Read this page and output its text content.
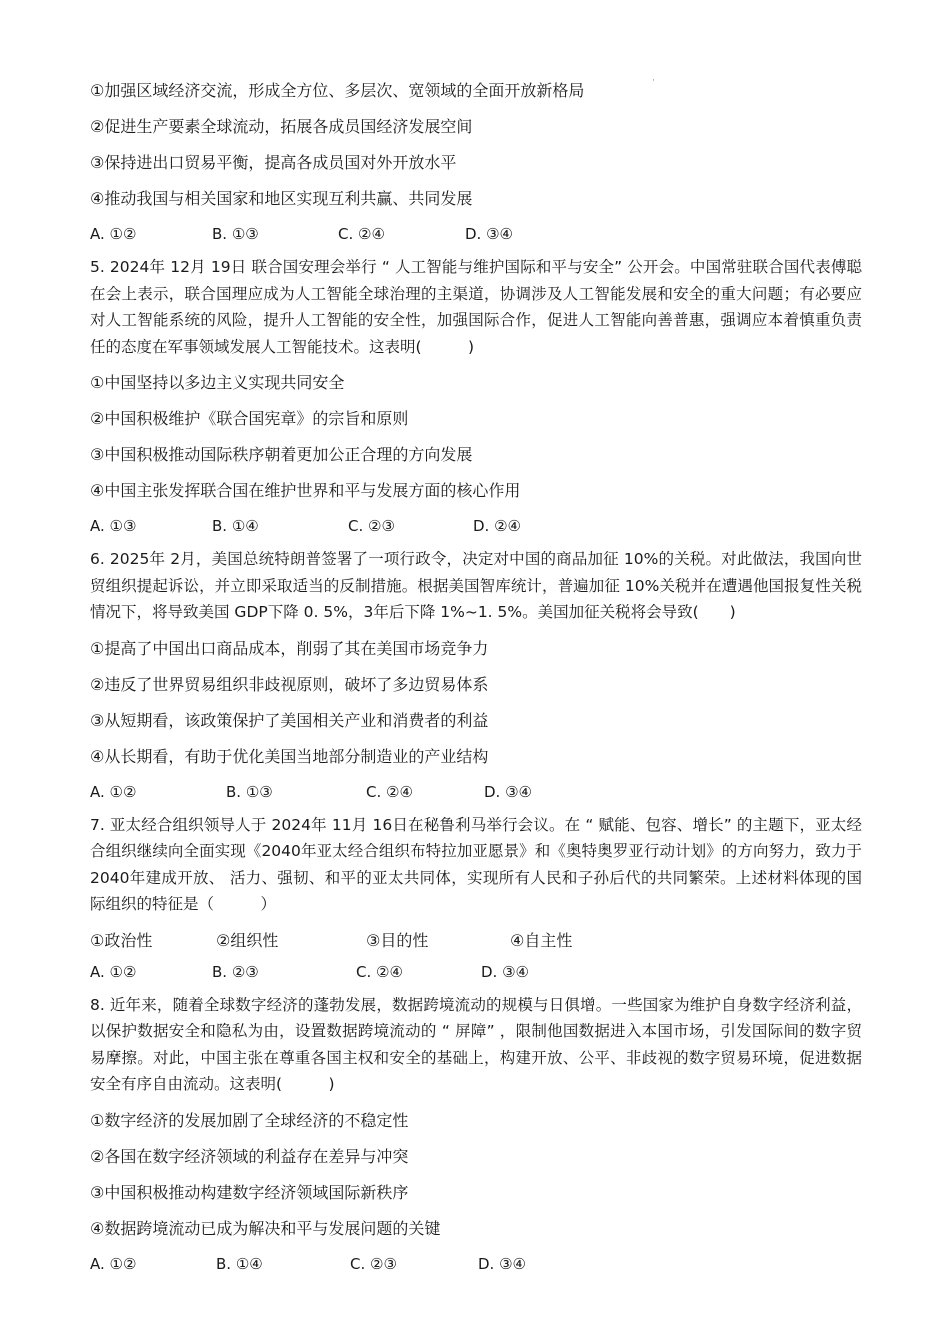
①加强区域经济交流，形成全方位、多层次、宽领域的全面开放新格局
②促进生产要素全球流动，拓展各成员国经济发展空间
③保持进出口贸易平衡，提高各成员国对外开放水平
④推动我国与相关国家和地区实现互利共赢、共同发展
A. ①②	B. ①③	C. ②④	D. ③④
5. 2024年 12月 19日 联合国安理会举行 “ 人工智能与维护国际和平与安全” 公开会。中国常驻联合国代表傅聪在会上表示，联合国理应成为人工智能全球治理的主渠道，协调涉及人工智能发展和安全的重大问题；有必要应对人工智能系统的风险，提升人工智能的安全性，加强国际合作，促进人工智能向善普惠，强调应本着慎重负责任的态度在军事领域发展人工智能技术。这表明(　　　)
①中国坚持以多边主义实现共同安全
②中国积极维护《联合国宪章》的宗旨和原则
③中国积极推动国际秩序朝着更加公正合理的方向发展
④中国主张发挥联合国在维护世界和平与发展方面的核心作用
A. ①③	B. ①④	C. ②③	D. ②④
6. 2025年 2月，美国总统特朗普签署了一项行政令，决定对中国的商品加征 10%的关税。对此做法，我国向世贸组织提起诉讼，并立即采取适当的反制措施。根据美国智库统计，普遍加征 10%关税并在遭遇他国报复性关税情况下，将导致美国 GDP下降 0. 5%，3年后下降 1%~1. 5%。美国加征关税将会导致(　　)
①提高了中国出口商品成本，削弱了其在美国市场竞争力
②违反了世界贸易组织非歧视原则，破坏了多边贸易体系
③从短期看，该政策保护了美国相关产业和消费者的利益
④从长期看，有助于优化美国当地部分制造业的产业结构
A. ①②	B. ①③	C. ②④	D. ③④
7. 亚太经合组织领导人于 2024年 11月 16日在秘鲁利马举行会议。在 “ 赋能、包容、增长” 的主题下，亚太经合组织继续向全面实现《2040年亚太经合组织布特拉加亚愿景》和《奥特奥罗亚行动计划》的方向努力，致力于 2040年建成开放、 活力、强韧、和平的亚太共同体，实现所有人民和子孙后代的共同繁荣。上述材料体现的国际组织的特征是（　　　）
①政治性	②组织性	③目的性	④自主性
A. ①②	B. ②③	C. ②④	D. ③④
8. 近年来，随着全球数字经济的蓬勃发展，数据跨境流动的规模与日俱增。一些国家为维护自身数字经济利益，以保护数据安全和隐私为由，设置数据跨境流动的 “ 屏障” ，限制他国数据进入本国市场，引发国际间的数字贸易摩擦。对此，中国主张在尊重各国主权和安全的基础上，构建开放、公平、非歧视的数字贸易环境，促进数据安全有序自由流动。这表明(　　　)
①数字经济的发展加剧了全球经济的不稳定性
②各国在数字经济领域的利益存在差异与冲突
③中国积极推动构建数字经济领域国际新秩序
④数据跨境流动已成为解决和平与发展问题的关键
A. ①②	B. ①④	C. ②③	D. ③④
·
